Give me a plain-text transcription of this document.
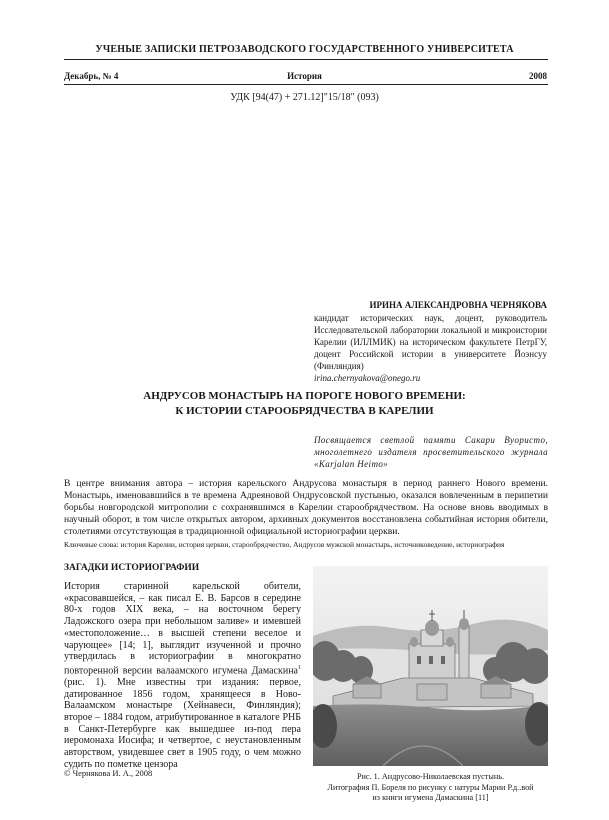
УЧЕНЫЕ ЗАПИСКИ ПЕТРОЗАВОДСКОГО ГОСУДАРСТВЕННОГО УНИВЕРСИТЕТА
Декабрь, № 4	История	2008
УДК [94(47) + 271.12]"15/18" (093)
ИРИНА АЛЕКСАНДРОВНА ЧЕРНЯКОВА
кандидат исторических наук, доцент, руководитель Исследовательской лаборатории локальной и микроистории Карелии (ИЛЛМИК) на историческом факультете ПетрГУ, доцент Российской истории в университете Йоэнсуу (Финляндия)
irina.chernyakova@onego.ru
АНДРУСОВ МОНАСТЫРЬ НА ПОРОГЕ НОВОГО ВРЕМЕНИ:
К ИСТОРИИ СТАРООБРЯДЧЕСТВА В КАРЕЛИИ
Посвящается светлой памяти Сакари Вуористо, многолетнего издателя просветительского журнала «Karjalan Heimo»
В центре внимания автора – история карельского Андрусова монастыря в период раннего Нового времени. Монастырь, именовавшийся в те времена Адреяновой Ондрусовской пустынью, оказался вовлеченным в перипетии борьбы новгородской митрополии с сохранявшимся в Карелии старообрядчеством. На основе вновь вводимых в научный оборот, в том числе открытых автором, архивных документов восстановлена событийная история обители, столетиями отсутствующая в традиционной официальной историографии церкви.
Ключевые слова: история Карелии, история церкви, старообрядчество, Андрусов мужской монастырь, источниковедение, историография
ЗАГАДКИ ИСТОРИОГРАФИИ
История старинной карельской обители, «красовавшейся, – как писал Е. В. Барсов в середине 80-х годов XIX века, – на восточном берегу Ладожского озера при небольшом заливе» и имевшей «местоположение… в высшей степени веселое и чарующее» [14; 1], выглядит изученной и прочно утвердилась в историографии в многократно повторенной версии валаамского игумена Дамаскина$^1$ (рис. 1). Мне известны три издания: первое, датированное 1856 годом, хранящееся в Ново-Валаамском монастыре (Хейнавеси, Финляндия); второе – 1884 годом, атрибутированное в каталоге РНБ в Санкт-Петербурге как вышедшее из-под пера иеромонаха Иосифа; и четвертое, с неустановленным авторством, увидевшее свет в 1905 году, о чем можно судить по пометке цензора
Рис. 1. Андрусово-Николаевская пустынь.
Литография П. Бореля по рисунку с натуры Марии Р.д..вой
из книги игумена Дамаскина [11]
© Чернякова И. А., 2008
